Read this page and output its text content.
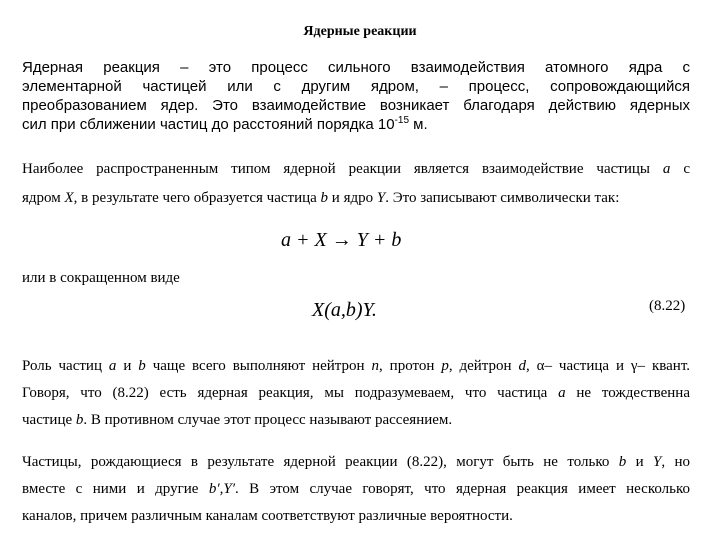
Ядерные реакции
Ядерная реакция – это процесс сильного взаимодействия атомного ядра с
элементарной частицей или с другим ядром, – процесс, сопровождающийся
преобразованием ядер. Это взаимодействие возникает благодаря действию ядерных
сил при сближении частиц до расстояний порядка $10^{-15}$ м.
Наиболее распространенным типом ядерной реакции является взаимодействие частицы a с
ядром X, в результате чего образуется частица b и ядро Y. Это записывают символически так:
a + X → Y + b
или в сокращенном виде
X(a,b)Y.	(8.22)
Роль частиц a и b чаще всего выполняют нейтрон n, протон p, дейтрон d, α– частица и γ– квант.
Говоря, что (8.22) есть ядерная реакция, мы подразумеваем, что частица a не тождественна
частице b. В противном случае этот процесс называют рассеянием.
Частицы, рождающиеся в результате ядерной реакции (8.22), могут быть не только b и Y, но
вместе с ними и другие b′,Y′. В этом случае говорят, что ядерная реакция имеет несколько
каналов, причем различным каналам соответствуют различные вероятности.
